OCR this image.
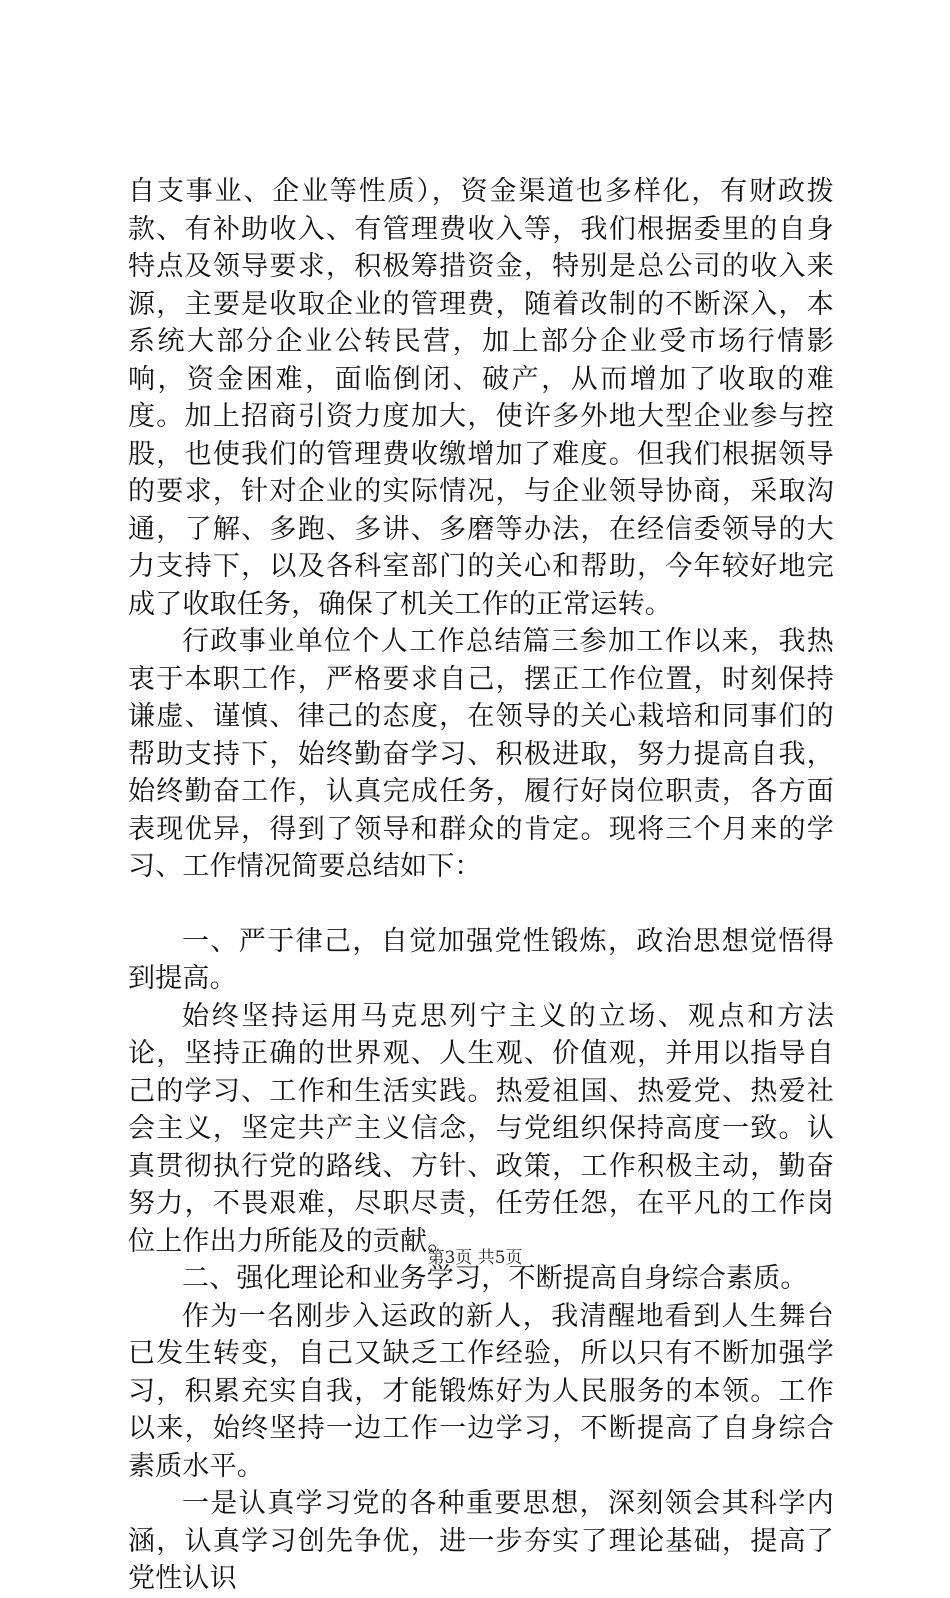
自支事业、企业等性质），资金渠道也多样化，有财政拨款、有补助收入、有管理费收入等，我们根据委里的自身特点及领导要求，积极筹措资金，特别是总公司的收入来源，主要是收取企业的管理费，随着改制的不断深入，本系统大部分企业公转民营，加上部分企业受市场行情影响，资金困难，面临倒闭、破产，从而增加了收取的难度。加上招商引资力度加大，使许多外地大型企业参与控股，也使我们的管理费收缴增加了难度。但我们根据领导的要求，针对企业的实际情况，与企业领导协商，采取沟通，了解、多跑、多讲、多磨等办法，在经信委领导的大力支持下，以及各科室部门的关心和帮助，今年较好地完成了收取任务，确保了机关工作的正常运转。

行政事业单位个人工作总结篇三参加工作以来，我热衷于本职工作，严格要求自己，摆正工作位置，时刻保持谦虚、谨慎、律己的态度，在领导的关心栽培和同事们的帮助支持下，始终勤奋学习、积极进取，努力提高自我，始终勤奋工作，认真完成任务，履行好岗位职责，各方面表现优异，得到了领导和群众的肯定。现将三个月来的学习、工作情况简要总结如下：

一、严于律己，自觉加强党性锻炼，政治思想觉悟得到提高。

始终坚持运用马克思列宁主义的立场、观点和方法论，坚持正确的世界观、人生观、价值观，并用以指导自己的学习、工作和生活实践。热爱祖国、热爱党、热爱社会主义，坚定共产主义信念，与党组织保持高度一致。认真贯彻执行党的路线、方针、政策，工作积极主动，勤奋努力，不畏艰难，尽职尽责，任劳任怨，在平凡的工作岗位上作出力所能及的贡献。

二、强化理论和业务学习，不断提高自身综合素质。

作为一名刚步入运政的新人，我清醒地看到人生舞台已发生转变，自己又缺乏工作经验，所以只有不断加强学习，积累充实自我，才能锻炼好为人民服务的本领。工作以来，始终坚持一边工作一边学习，不断提高了自身综合素质水平。

一是认真学习党的各种重要思想，深刻领会其科学内涵，认真学习创先争优，进一步夯实了理论基础，提高了党性认识

第3页 共5页
